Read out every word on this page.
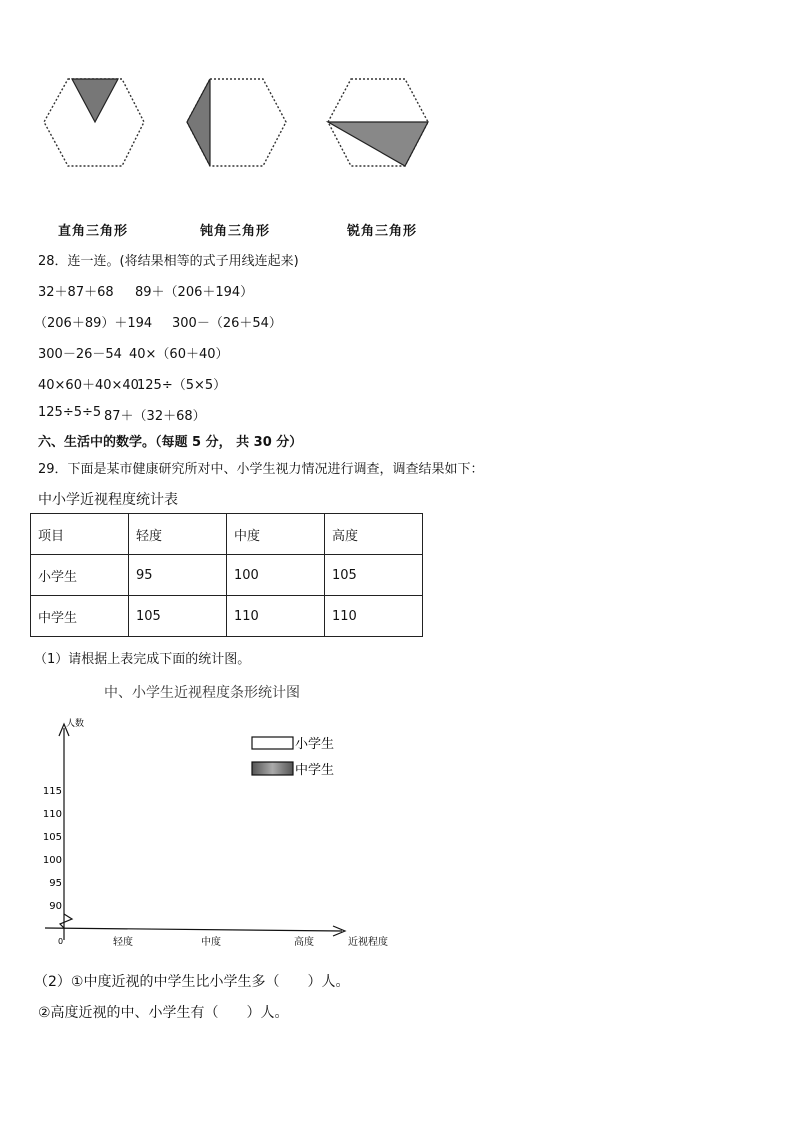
直角三角形	钝角三角形	锐角三角形
28．连一连。(将结果相等的式子用线连起来)
32＋87＋68 89＋（206＋194）
（206＋89）＋194 300－（26＋54）
300－26－54 40×（60＋40）
40×60＋40×40
125÷（5×5）
125÷5÷5 87＋（32＋68）
六、生活中的数学。（每题 5 分， 共 30 分）
29．下面是某市健康研究所对中、小学生视力情况进行调查，调查结果如下：
中小学近视程度统计表
项目	轻度	中度	高度
小学生	95	100	105
中学生	105	110	110
（1）请根据上表完成下面的统计图。
中、小学生近视程度条形统计图
人数
0	近视程度
90
95
100
105
110
115
轻度	中度	高度
小学生
中学生
（2）①中度近视的中学生比小学生多（　　）人。
②高度近视的中、小学生有（　　）人。
